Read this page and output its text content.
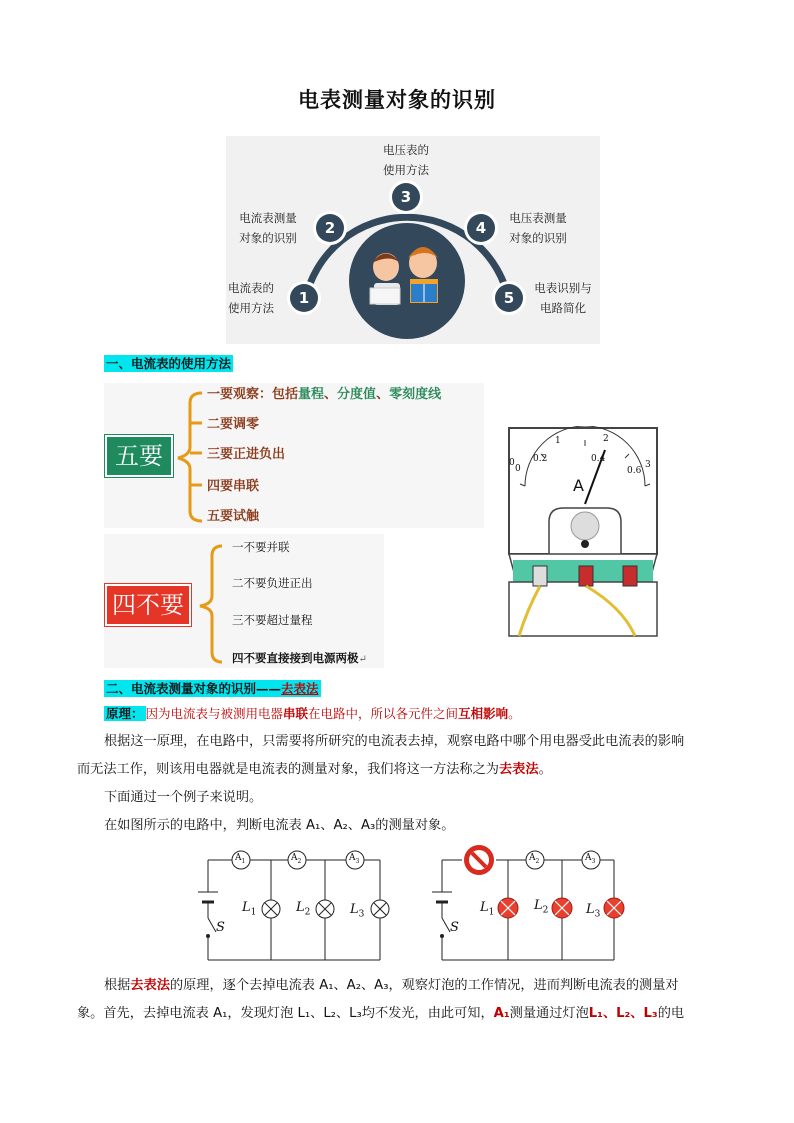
电表测量对象的识别
1
2
3
4
5
电流表的
使用方法
电流表测量
对象的识别
电压表的
使用方法
电压表测量
对象的识别
电表识别与
电路简化
一、电流表的使用方法
五要
一要观察：包括量程、分度值、零刻度线
二要调零
三要正进负出
四要串联
五要试触
四不要
一不要并联
二不要负进正出
三不要超过量程
四不要直接接到电源两极↵
0 0.2	0.4
0.6
0
1	2
3
A
二、电流表测量对象的识别——去表法
原理： 因为电流表与被测用电器串联在电路中，所以各元件之间互相影响。
根据这一原理，在电路中，只需要将所研究的电流表去掉，观察电路中哪个用电器受此电流表的影响
而无法工作，则该用电器就是电流表的测量对象，我们将这一方法称之为去表法。
下面通过一个例子来说明。
在如图所示的电路中，判断电流表 A₁、A₂、A₃的测量对象。
$A_1$	$A_2$	$A_3$
$L_1$	$L_2$	$L_3$
S
$A_2$	$A_3$
$L_1$	$L_2$	$L_3$
S
根据去表法的原理，逐个去掉电流表 A₁、A₂、A₃，观察灯泡的工作情况，进而判断电流表的测量对
象。首先，去掉电流表 A₁，发现灯泡 L₁、L₂、L₃均不发光，由此可知，A₁测量通过灯泡L₁、L₂、L₃的电
